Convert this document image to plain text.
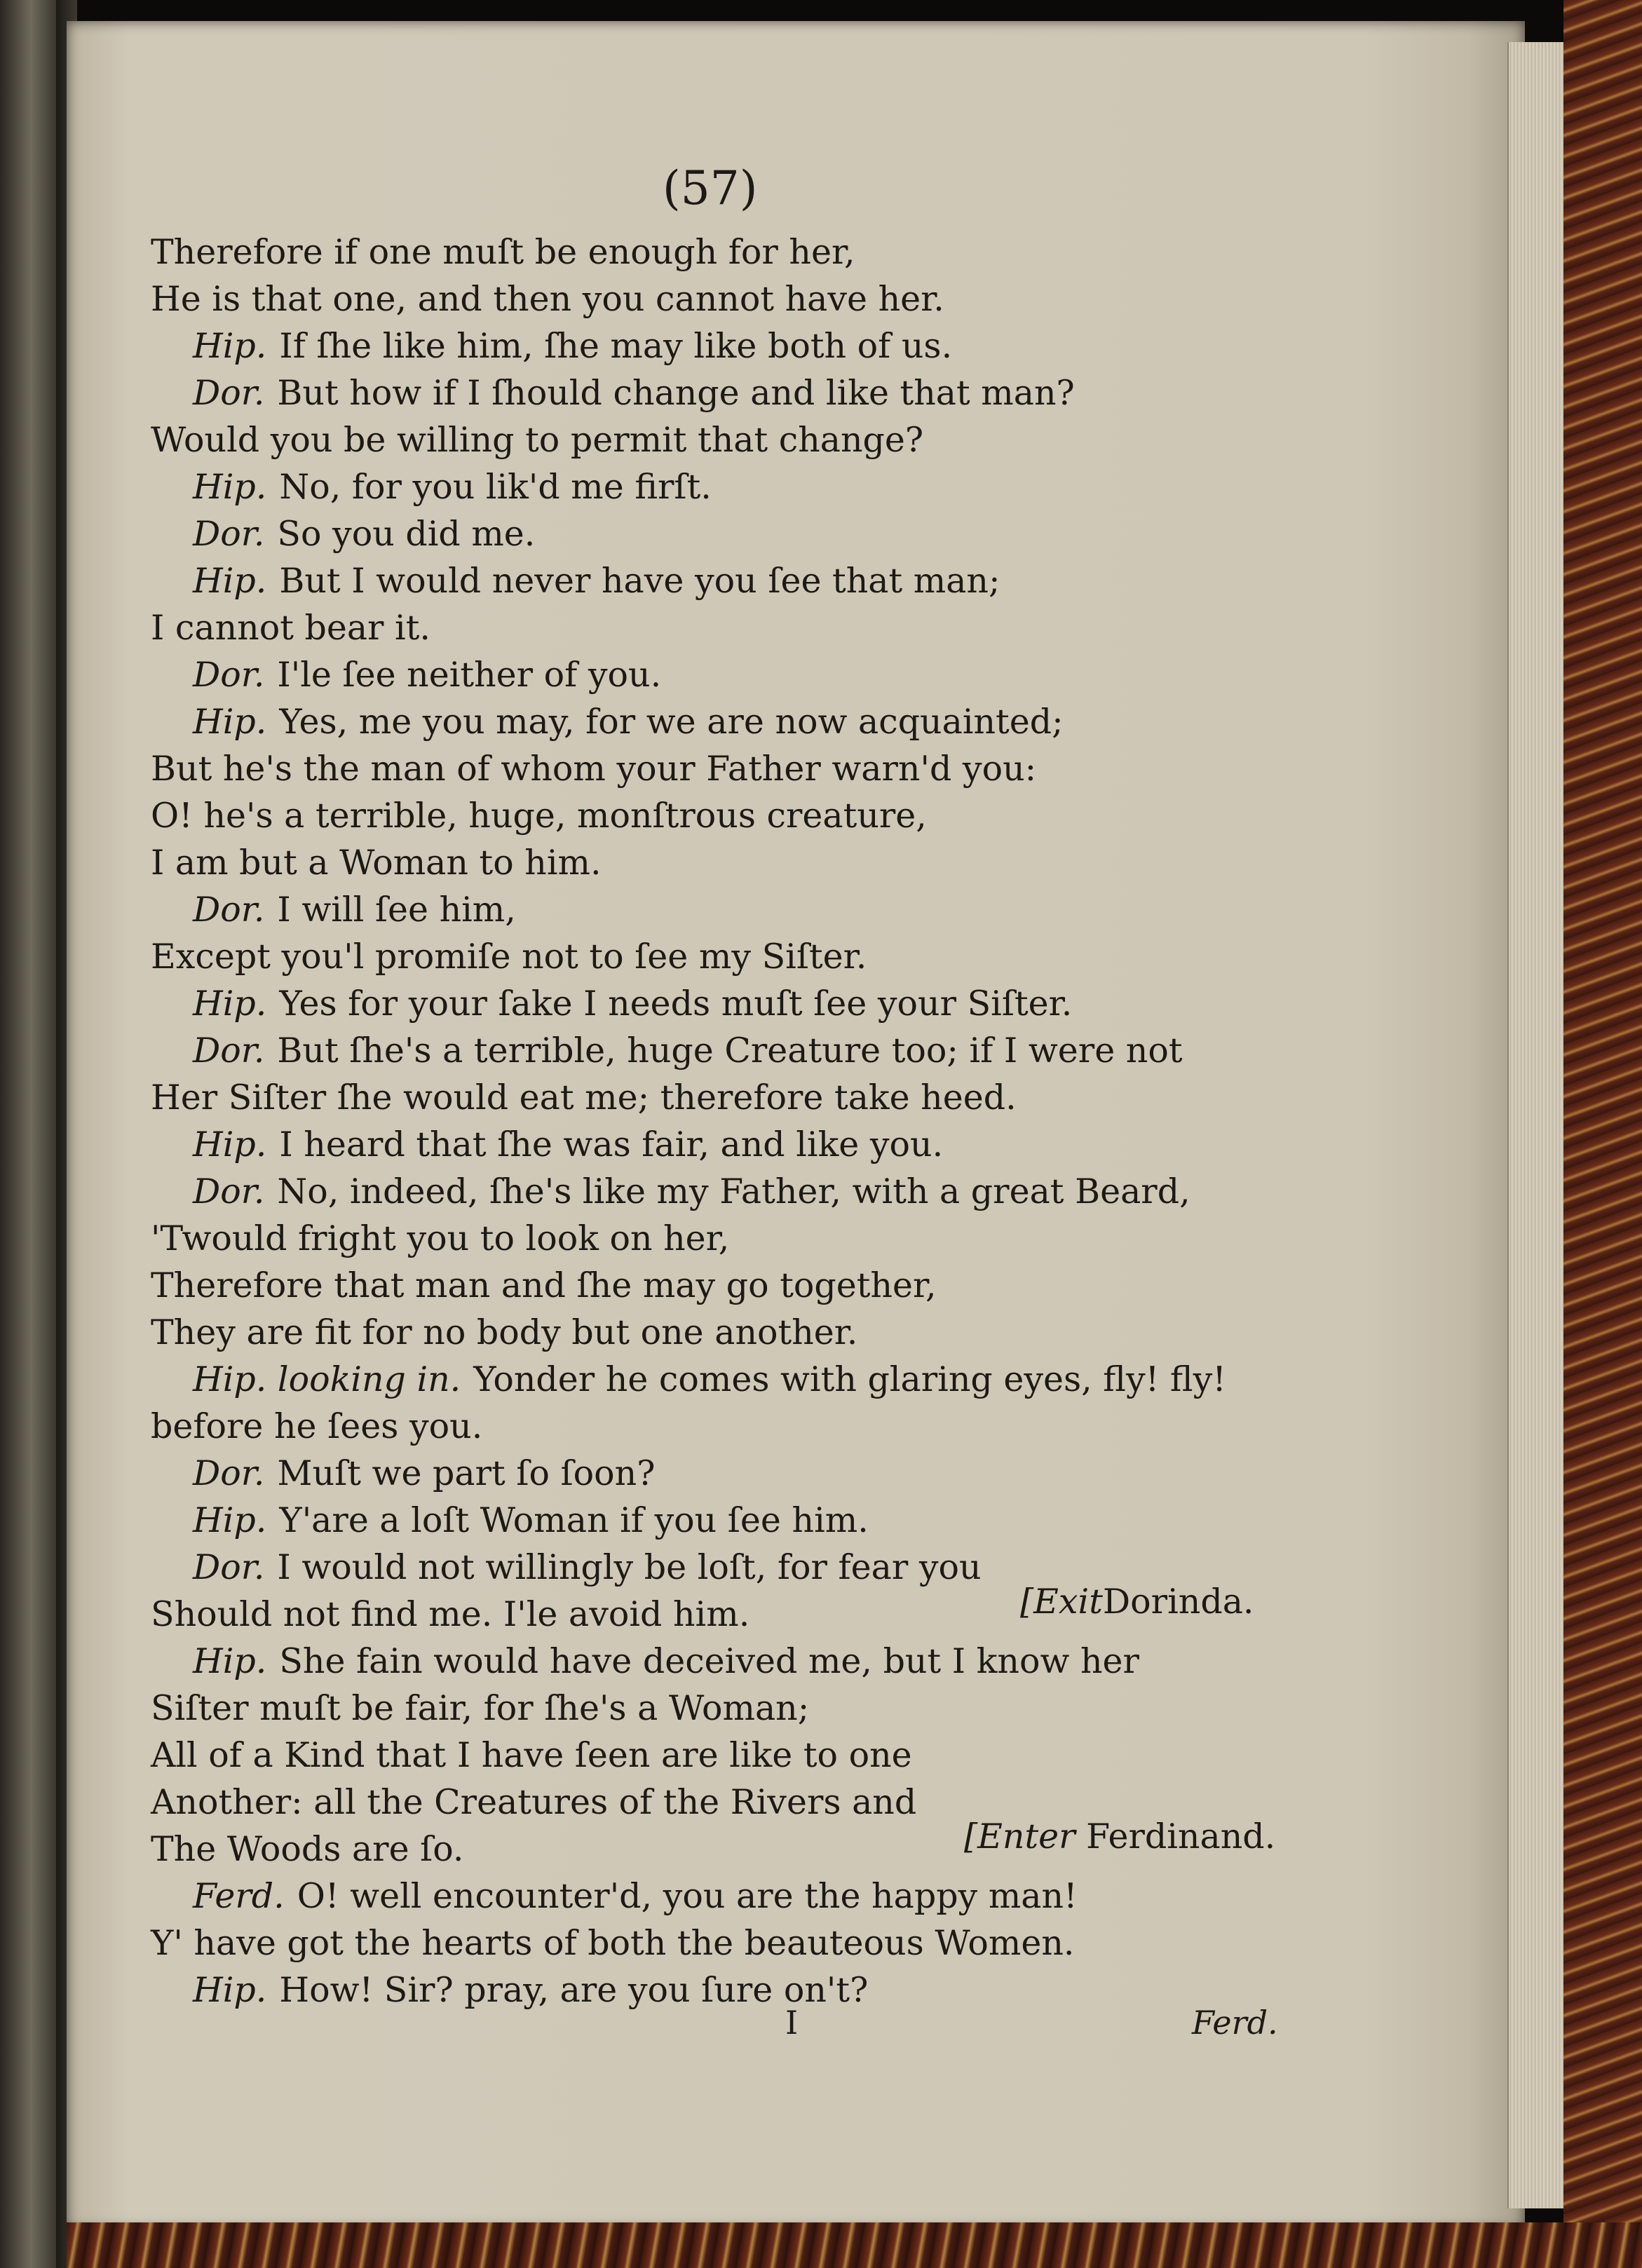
(57)
Therefore if one muſt be enough for her,
He is that one, and then you cannot have her.
Hip. If ſhe like him, ſhe may like both of us.
Dor. But how if I ſhould change and like that man?
Would you be willing to permit that change?
Hip. No, for you lik'd me firſt.
Dor. So you did me.
Hip. But I would never have you ſee that man;
I cannot bear it.
Dor. I'le ſee neither of you.
Hip. Yes, me you may, for we are now acquainted;
But he's the man of whom your Father warn'd you:
O! he's a terrible, huge, monſtrous creature,
I am but a Woman to him.
Dor. I will ſee him,
Except you'l promiſe not to ſee my Siſter.
Hip. Yes for your ſake I needs muſt ſee your Siſter.
Dor. But ſhe's a terrible, huge Creature too; if I were not
Her Siſter ſhe would eat me; therefore take heed.
Hip. I heard that ſhe was fair, and like you.
Dor. No, indeed, ſhe's like my Father, with a great Beard,
'Twould fright you to look on her,
Therefore that man and ſhe may go together,
They are fit for no body but one another.
Hip. looking in. Yonder he comes with glaring eyes, fly! fly!
before he ſees you.
Dor. Muſt we part ſo ſoon?
Hip. Y'are a loſt Woman if you ſee him.
Dor. I would not willingly be loſt, for fear you
Should not find me. I'le avoid him.
Hip. She fain would have deceived me, but I know her
Siſter muſt be fair, for ſhe's a Woman;
All of a Kind that I have ſeen are like to one
Another: all the Creatures of the Rivers and
The Woods are ſo.
Ferd. O! well encounter'd, you are the happy man!
Y' have got the hearts of both the beauteous Women.
Hip. How! Sir? pray, are you ſure on't?
[ExitDorinda.
[Enter Ferdinand.
I	Ferd.
